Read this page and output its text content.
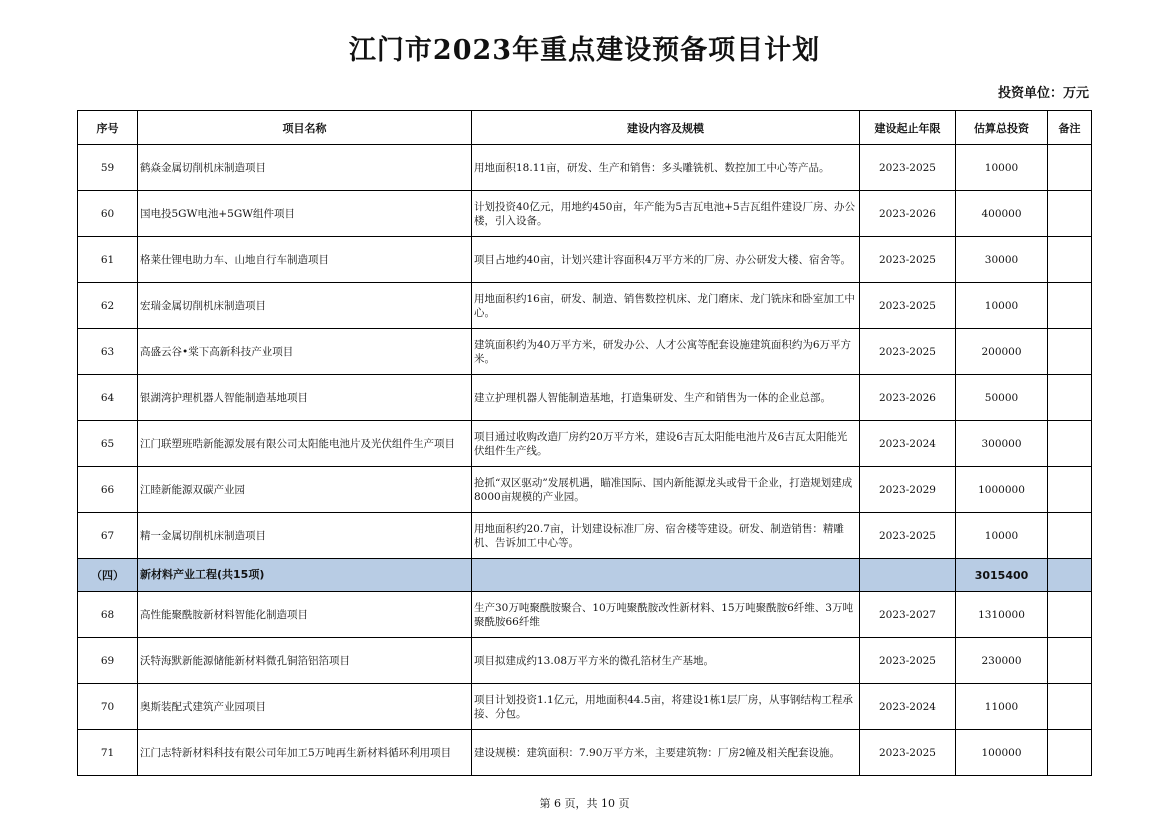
江门市2023年重点建设预备项目计划
投资单位：万元
序号	项目名称	建设内容及规模	建设起止年限	估算总投资	备注
59	鹤焱金属切削机床制造项目	用地面积18.11亩，研发、生产和销售：多头雕铣机、数控加工中心等产品。	2023-2025	10000	
60	国电投5GW电池+5GW组件项目	计划投资40亿元，用地约450亩，年产能为5吉瓦电池+5吉瓦组件建设厂房、办公楼，引入设备。	2023-2026	400000	
61	格莱仕锂电助力车、山地自行车制造项目	项目占地约40亩，计划兴建计容面积4万平方米的厂房、办公研发大楼、宿舍等。	2023-2025	30000	
62	宏瑞金属切削机床制造项目	用地面积约16亩，研发、制造、销售数控机床、龙门磨床、龙门铣床和卧室加工中心。	2023-2025	10000	
63	高盛云谷•棠下高新科技产业项目	建筑面积约为40万平方米，研发办公、人才公寓等配套设施建筑面积约为6万平方米。	2023-2025	200000	
64	银湖湾护理机器人智能制造基地项目	建立护理机器人智能制造基地，打造集研发、生产和销售为一体的企业总部。	2023-2026	50000	
65	江门联塑班晧新能源发展有限公司太阳能电池片及光伏组件生产项目	项目通过收购改造厂房约20万平方米，建设6吉瓦太阳能电池片及6吉瓦太阳能光伏组件生产线。	2023-2024	300000	
66	江睦新能源双碳产业园	抢抓“双区驱动”发展机遇，瞄准国际、国内新能源龙头或骨干企业，打造规划建成8000亩规模的产业园。	2023-2029	1000000	
67	精一金属切削机床制造项目	用地面积约20.7亩，计划建设标准厂房、宿舍楼等建设。研发、制造销售：精雕机、告诉加工中心等。	2023-2025	10000	
（四）	新材料产业工程(共15项)			3015400	
68	高性能聚酰胺新材料智能化制造项目	生产30万吨聚酰胺聚合、10万吨聚酰胺改性新材料、15万吨聚酰胺6纤维、3万吨聚酰胺66纤维	2023-2027	1310000	
69	沃特海默新能源储能新材料微孔铜箔铝箔项目	项目拟建成约13.08万平方米的微孔箔材生产基地。	2023-2025	230000	
70	奥斯装配式建筑产业园项目	项目计划投资1.1亿元，用地面积44.5亩，将建设1栋1层厂房，从事钢结构工程承接、分包。	2023-2024	11000	
71	江门志特新材料科技有限公司年加工5万吨再生新材料循环利用项目	建设规模：建筑面积：7.90万平方米，主要建筑物：厂房2幢及相关配套设施。	2023-2025	100000	
第 6 页，共 10 页
